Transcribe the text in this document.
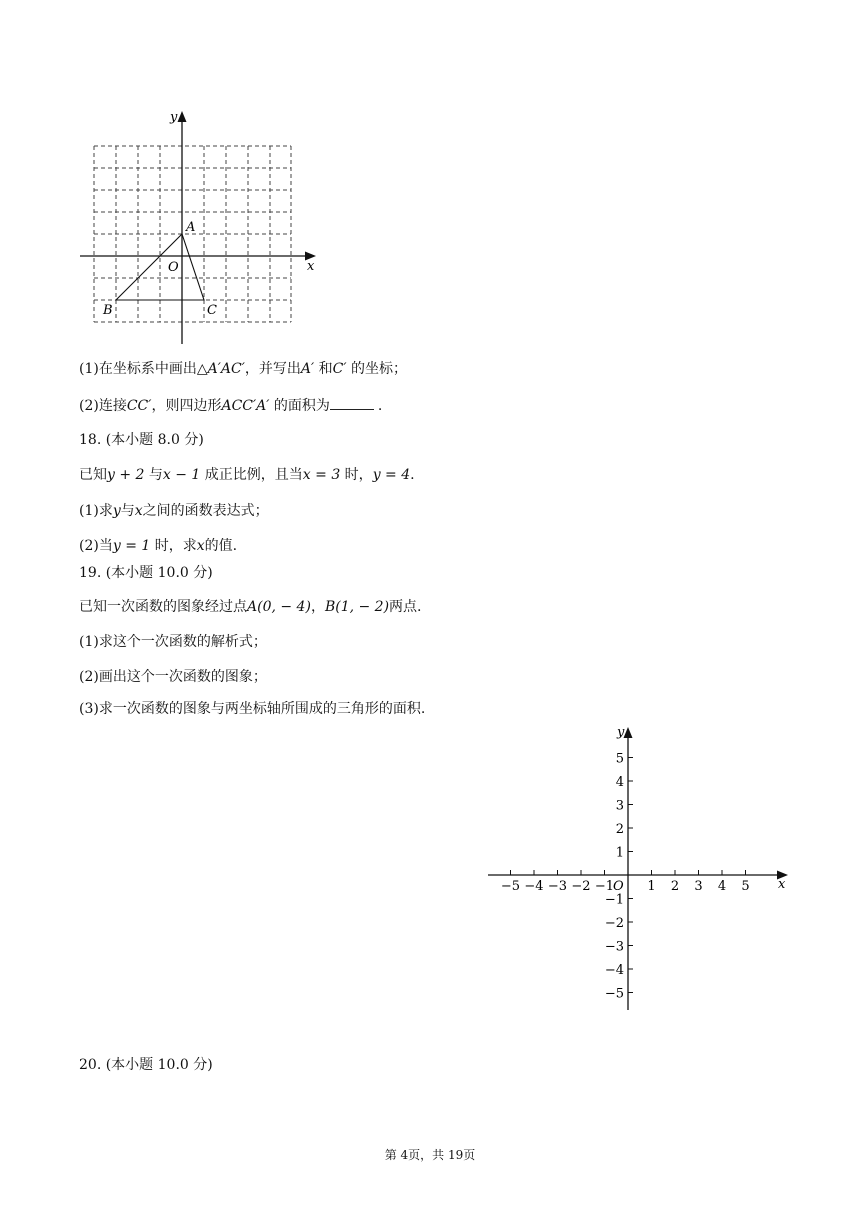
x
y
A
O
B	C
(1)在坐标系中画出△A′AC′，并写出A′ 和C′ 的坐标；
(2)连接CC′，则四边形ACC′A′ 的面积为	.
18. (本小题 8.0 分)
已知y + 2 与x − 1 成正比例，且当x = 3 时，y = 4.
(1)求y与x之间的函数表达式；
(2)当y = 1 时，求x的值.
19. (本小题 10.0 分)
已知一次函数的图象经过点A(0, − 4)，B(1, − 2)两点.
(1)求这个一次函数的解析式；
(2)画出这个一次函数的图象；
(3)求一次函数的图象与两坐标轴所围成的三角形的面积.
x
y
O
−5 −4 −3 −2 −1	1 2 3 4 5
5
4
3
2
1
−1
−2
−3
−4
−5
20. (本小题 10.0 分)
第 4页，共 19页
